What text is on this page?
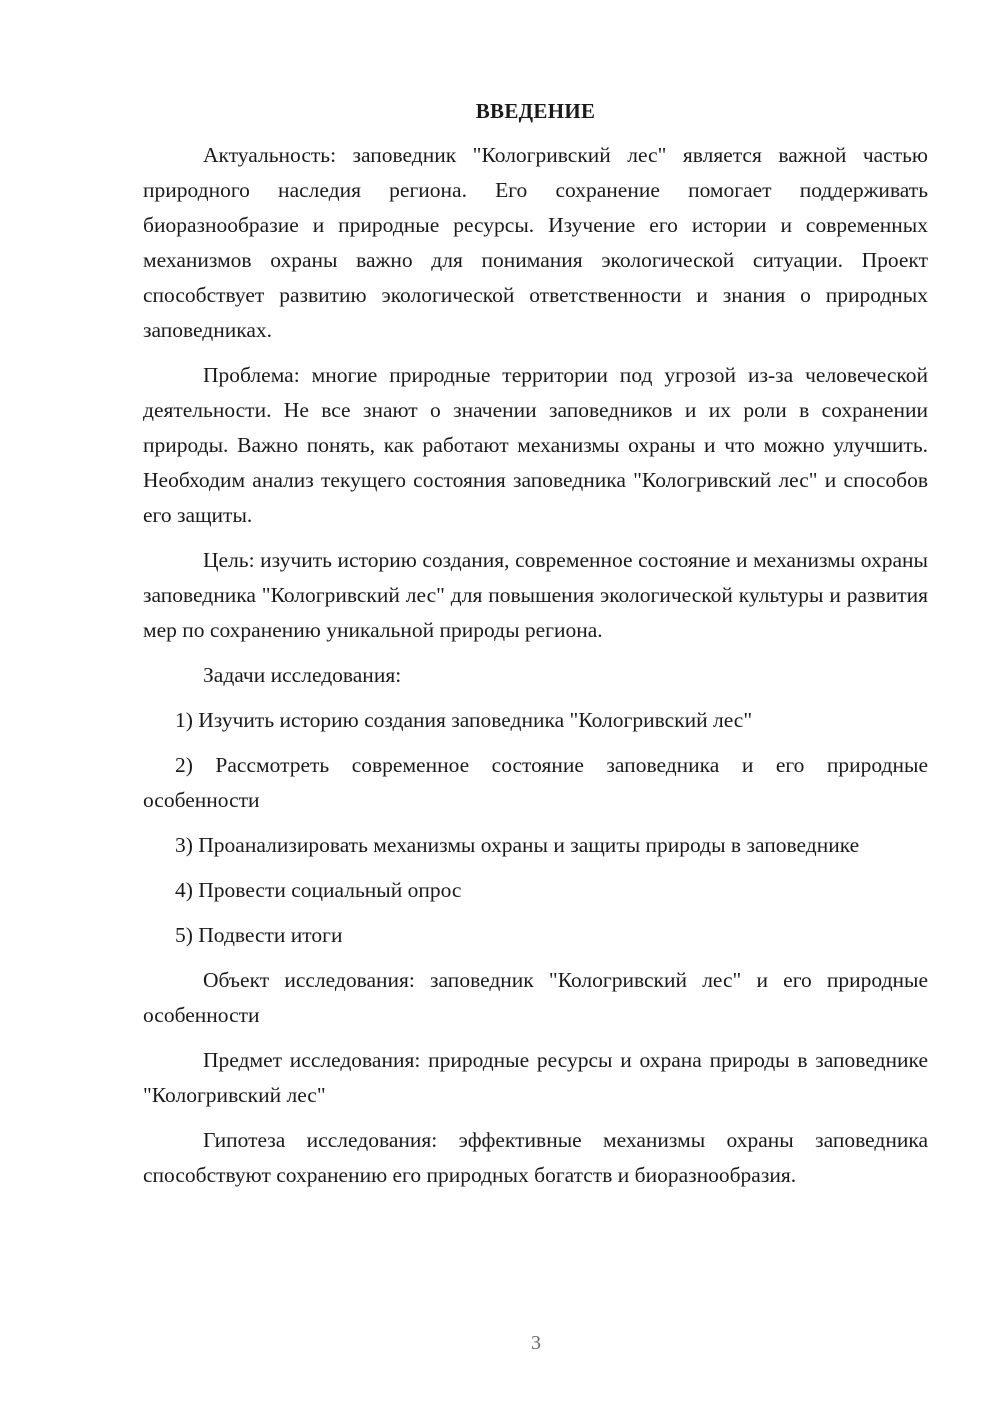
ВВЕДЕНИЕ

Актуальность: заповедник "Кологривский лес" является важной частью природного наследия региона. Его сохранение помогает поддерживать биоразнообразие и природные ресурсы. Изучение его истории и современных механизмов охраны важно для понимания экологической ситуации. Проект способствует развитию экологической ответственности и знания о природных заповедниках.

Проблема: многие природные территории под угрозой из-за человеческой деятельности. Не все знают о значении заповедников и их роли в сохранении природы. Важно понять, как работают механизмы охраны и что можно улучшить. Необходим анализ текущего состояния заповедника "Кологривский лес" и способов его защиты.

Цель: изучить историю создания, современное состояние и механизмы охраны заповедника "Кологривский лес" для повышения экологической культуры и развития мер по сохранению уникальной природы региона.

Задачи исследования:

1) Изучить историю создания заповедника "Кологривский лес"

2) Рассмотреть современное состояние заповедника и его природные особенности

3) Проанализировать механизмы охраны и защиты природы в заповеднике

4) Провести социальный опрос

5) Подвести итоги

Объект исследования: заповедник "Кологривский лес" и его природные особенности

Предмет исследования: природные ресурсы и охрана природы в заповеднике "Кологривский лес"

Гипотеза исследования: эффективные механизмы охраны заповедника способствуют сохранению его природных богатств и биоразнообразия.

3
